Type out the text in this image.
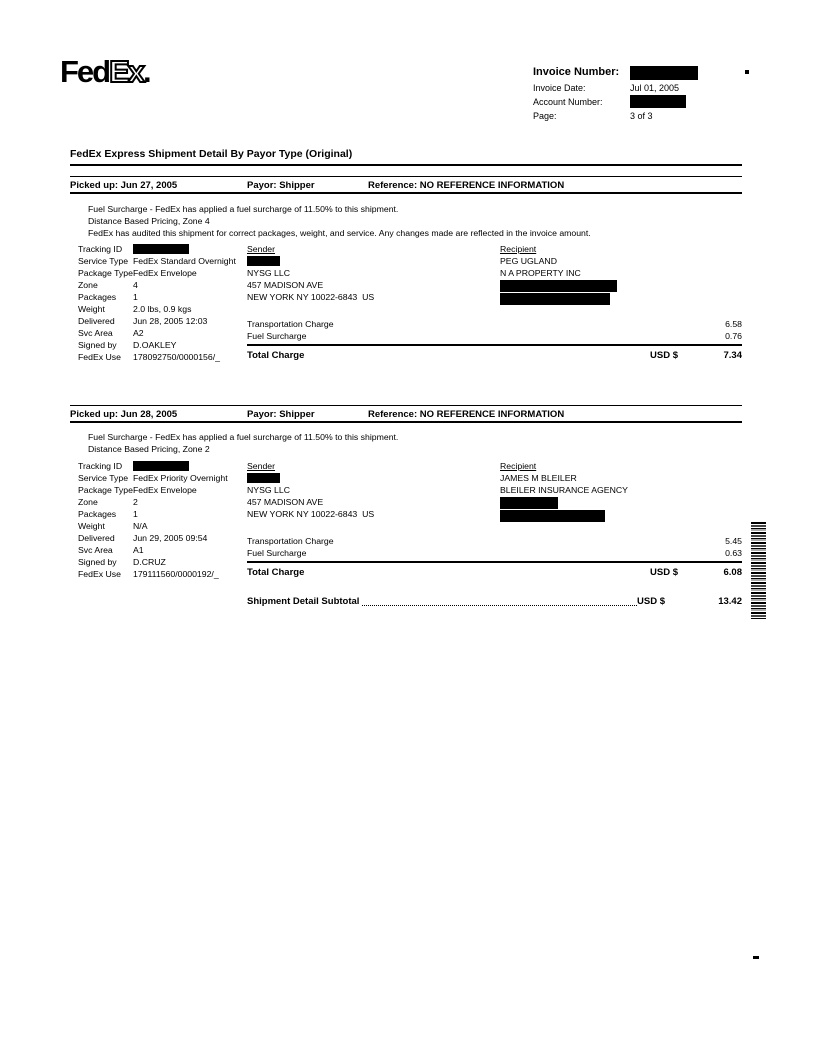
FedEx.	Invoice Number:
Invoice Date:	Jul 01, 2005
Account Number:
Page:	3 of 3
FedEx Express Shipment Detail By Payor Type (Original)
Picked up: Jun 27, 2005	Payor: Shipper	Reference: NO REFERENCE INFORMATION
Fuel Surcharge - FedEx has applied a fuel surcharge of 11.50% to this shipment.
Distance Based Pricing, Zone 4
FedEx has audited this shipment for correct packages, weight, and service. Any changes made are reflected in the invoice amount.
Tracking ID
Service Type FedEx Standard Overnight
Package Type FedEx Envelope
Zone	4
Packages	1
Weight	2.0 lbs, 0.9 kgs
Delivered	Jun 28, 2005 12:03
Svc Area	A2
Signed by	D.OAKLEY
FedEx Use	178092750/0000156/_
Sender
NYSG LLC
457 MADISON AVE
NEW YORK NY 10022-6843  US
Recipient
PEG UGLAND
N A PROPERTY INC
Transportation Charge	6.58
Fuel Surcharge	0.76
Total Charge	USD $	7.34
Picked up: Jun 28, 2005	Payor: Shipper	Reference: NO REFERENCE INFORMATION
Fuel Surcharge - FedEx has applied a fuel surcharge of 11.50% to this shipment.
Distance Based Pricing, Zone 2
Tracking ID
Service Type FedEx Priority Overnight
Package Type FedEx Envelope
Zone	2
Packages	1
Weight	N/A
Delivered	Jun 29, 2005 09:54
Svc Area	A1
Signed by	D.CRUZ
FedEx Use	179111560/0000192/_
Sender
NYSG LLC
457 MADISON AVE
NEW YORK NY 10022-6843  US
Recipient
JAMES M BLEILER
BLEILER INSURANCE AGENCY
Transportation Charge	5.45
Fuel Surcharge	0.63
Total Charge	USD $	6.08
Shipment Detail Subtotal	USD $	13.42
